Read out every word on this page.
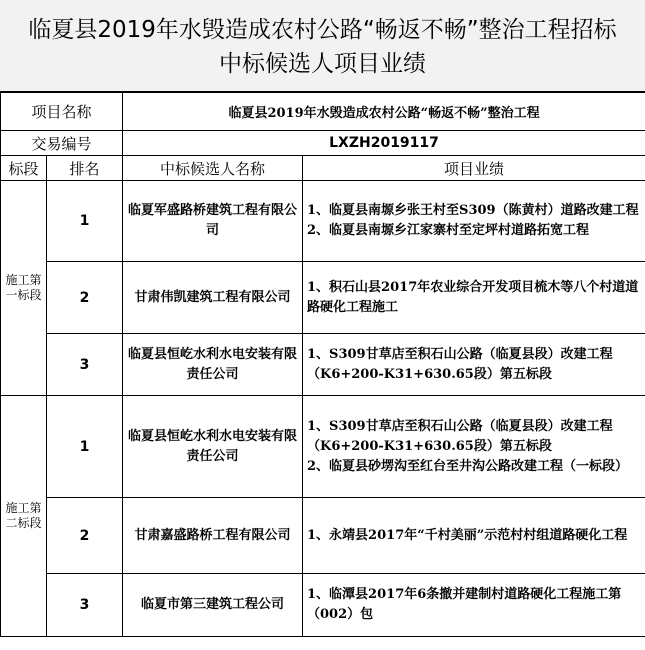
临夏县2019年水毁造成农村公路“畅返不畅”整治工程招标
中标候选人项目业绩
项目名称		临夏县2019年水毁造成农村公路“畅返不畅”整治工程	
交易编号		LXZH2019117	
标段	排名	中标候选人名称	项目业绩
施工第一标段	1	临夏军盛路桥建筑工程有限公司	1、临夏县南塬乡张王村至S309（陈黄村）道路改建工程
2、临夏县南塬乡江家寨村至定坪村道路拓宽工程

	2	甘肃伟凯建筑工程有限公司	1、积石山县2017年农业综合开发项目梳木等八个村道道路硬化工程施工

	3	临夏县恒屹水利水电安装有限责任公司	1、S309甘草店至积石山公路（临夏县段）改建工程（K6+200-K31+630.65段）第五标段

施工第二标段	1	临夏县恒屹水利水电安装有限责任公司	1、S309甘草店至积石山公路（临夏县段）改建工程（K6+200-K31+630.65段）第五标段
2、临夏县砂塄沟至红台至井沟公路改建工程（一标段）

	2	甘肃嘉盛路桥工程有限公司	1、永靖县2017年“千村美丽”示范村村组道路硬化工程

	3	临夏市第三建筑工程公司	1、临潭县2017年6条撤并建制村道路硬化工程施工第（002）包
